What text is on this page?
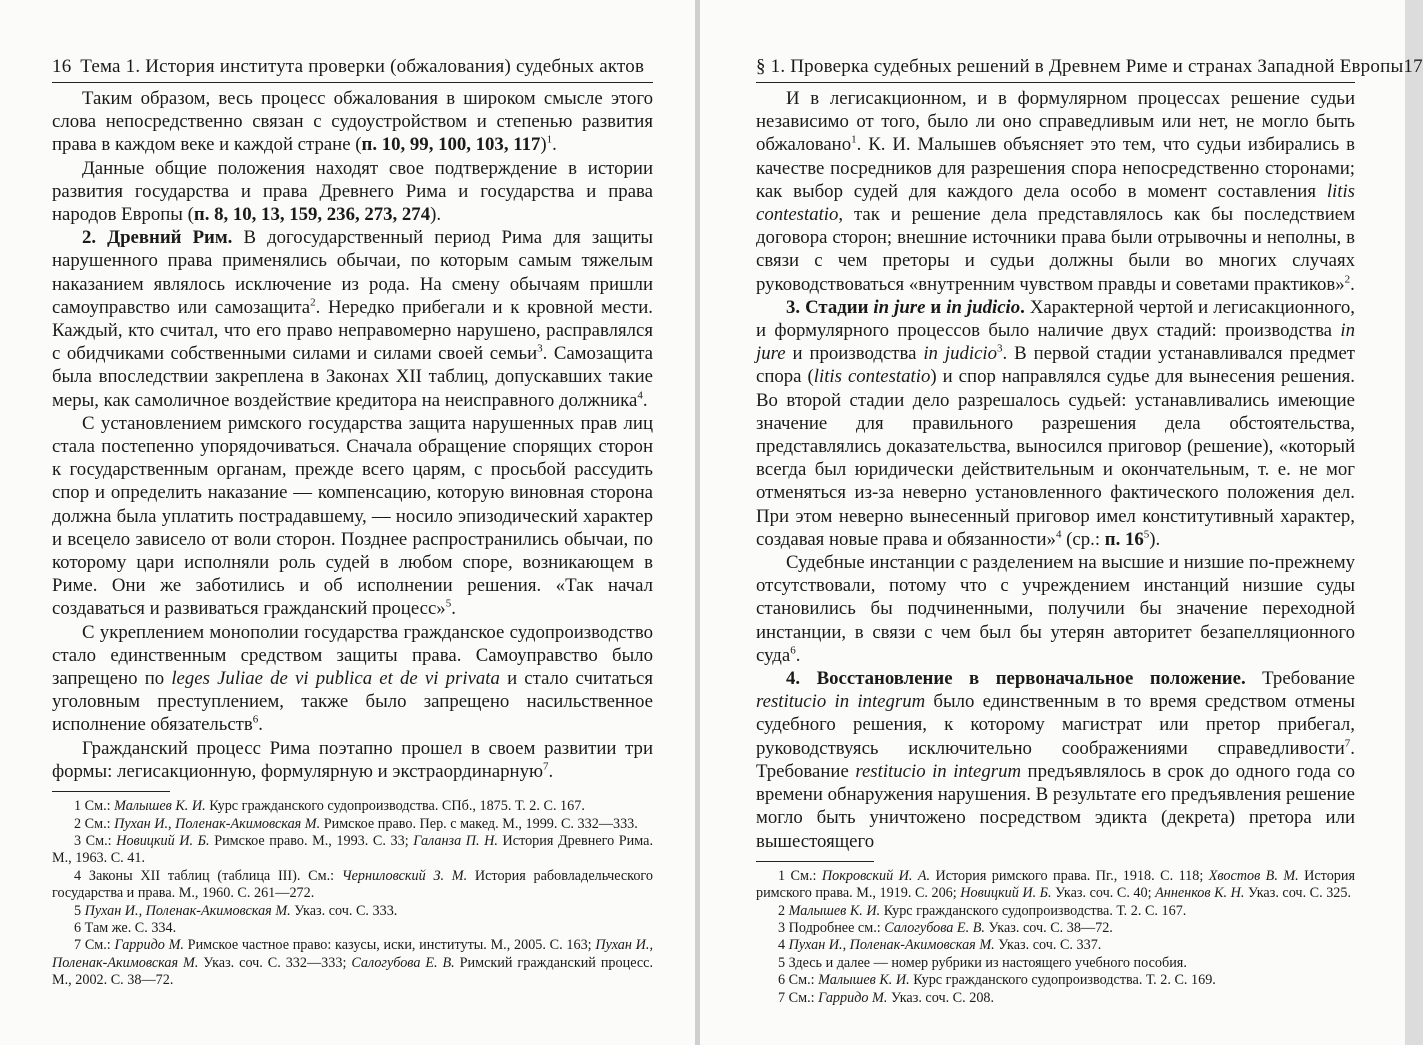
16 Тема 1. История института проверки (обжалования) судебных актов

Таким образом, весь процесс обжалования в широком смысле этого слова непосредственно связан с судоустройством и степенью развития права в каждом веке и каждой стране (п. 10, 99, 100, 103, 117)$^1$.

Данные общие положения находят свое подтверждение в истории развития государства и права Древнего Рима и государства и права народов Европы (п. 8, 10, 13, 159, 236, 273, 274).

2. Древний Рим. В догосударственный период Рима для защиты нарушенного права применялись обычаи, по которым самым тяжелым наказанием являлось исключение из рода. На смену обычаям пришли самоуправство или самозащита$^2$. Нередко прибегали и к кровной мести. Каждый, кто считал, что его право неправомерно нарушено, расправлялся с обидчиками собственными силами и силами своей семьи$^3$. Самозащита была впоследствии закреплена в Законах XII таблиц, допускавших такие меры, как самоличное воздействие кредитора на неисправного должника$^4$.

С установлением римского государства защита нарушенных прав лиц стала постепенно упорядочиваться. Сначала обращение спорящих сторон к государственным органам, прежде всего царям, с просьбой рассудить спор и определить наказание — компенсацию, которую виновная сторона должна была уплатить пострадавшему, — носило эпизодический характер и всецело зависело от воли сторон. Позднее распространились обычаи, по которому цари исполняли роль судей в любом споре, возникающем в Риме. Они же заботились и об исполнении решения. «Так начал создаваться и развиваться гражданский процесс»$^5$.

С укреплением монополии государства гражданское судопроизводство стало единственным средством защиты права. Самоуправство было запрещено по leges Juliae de vi publica et de vi privata и стало считаться уголовным преступлением, также было запрещено насильственное исполнение обязательств$^6$.

Гражданский процесс Рима поэтапно прошел в своем развитии три формы: легисакционную, формулярную и экстраординарную$^7$.

1 См.: Малышев К. И. Курс гражданского судопроизводства. СПб., 1875. Т. 2. С. 167.
2 См.: Пухан И., Поленак-Акимовская М. Римское право. Пер. с макед. М., 1999. С. 332—333.
3 См.: Новицкий И. Б. Римское право. М., 1993. С. 33; Галанза П. Н. История Древнего Рима. М., 1963. С. 41.
4 Законы XII таблиц (таблица III). См.: Черниловский З. М. История рабовладельческого государства и права. М., 1960. С. 261—272.
5 Пухан И., Поленак-Акимовская М. Указ. соч. С. 333.
6 Там же. С. 334.
7 См.: Гарридо М. Римское частное право: казусы, иски, институты. М., 2005. С. 163; Пухан И., Поленак-Акимовская М. Указ. соч. С. 332—333; Салогубова Е. В. Римский гражданский процесс. М., 2002. С. 38—72.
§ 1. Проверка судебных решений в Древнем Риме и странах Западной Европы 17

И в легисакционном, и в формулярном процессах решение судьи независимо от того, было ли оно справедливым или нет, не могло быть обжаловано$^1$. К. И. Малышев объясняет это тем, что судьи избирались в качестве посредников для разрешения спора непосредственно сторонами; как выбор судей для каждого дела особо в момент составления litis contestatio, так и решение дела представлялось как бы последствием договора сторон; внешние источники права были отрывочны и неполны, в связи с чем преторы и судьи должны были во многих случаях руководствоваться «внутренним чувством правды и советами практиков»$^2$.

3. Стадии in jure и in judicio. Характерной чертой и легисакционного, и формулярного процессов было наличие двух стадий: производства in jure и производства in judicio$^3$. В первой стадии устанавливался предмет спора (litis contestatio) и спор направлялся судье для вынесения решения. Во второй стадии дело разрешалось судьей: устанавливались имеющие значение для правильного разрешения дела обстоятельства, представлялись доказательства, выносился приговор (решение), «который всегда был юридически действительным и окончательным, т. е. не мог отменяться из-за неверно установленного фактического положения дел. При этом неверно вынесенный приговор имел конститутивный характер, создавая новые права и обязанности»$^4$ (ср.: п. $16^5$).

Судебные инстанции с разделением на высшие и низшие по-прежнему отсутствовали, потому что с учреждением инстанций низшие суды становились бы подчиненными, получили бы значение переходной инстанции, в связи с чем был бы утерян авторитет безапелляционного суда$^6$.

4. Восстановление в первоначальное положение. Требование restitucio in integrum было единственным в то время средством отмены судебного решения, к которому магистрат или претор прибегал, руководствуясь исключительно соображениями справедливости$^7$. Требование restitucio in integrum предъявлялось в срок до одного года со времени обнаружения нарушения. В результате его предъявления решение могло быть уничтожено посредством эдикта (декрета) претора или вышестоящего

1 См.: Покровский И. А. История римского права. Пг., 1918. С. 118; Хвостов В. М. История римского права. М., 1919. С. 206; Новицкий И. Б. Указ. соч. С. 40; Анненков К. Н. Указ. соч. С. 325.
2 Малышев К. И. Курс гражданского судопроизводства. Т. 2. С. 167.
3 Подробнее см.: Салогубова Е. В. Указ. соч. С. 38—72.
4 Пухан И., Поленак-Акимовская М. Указ. соч. С. 337.
5 Здесь и далее — номер рубрики из настоящего учебного пособия.
6 См.: Малышев К. И. Курс гражданского судопроизводства. Т. 2. С. 169.
7 См.: Гарридо М. Указ. соч. С. 208.
